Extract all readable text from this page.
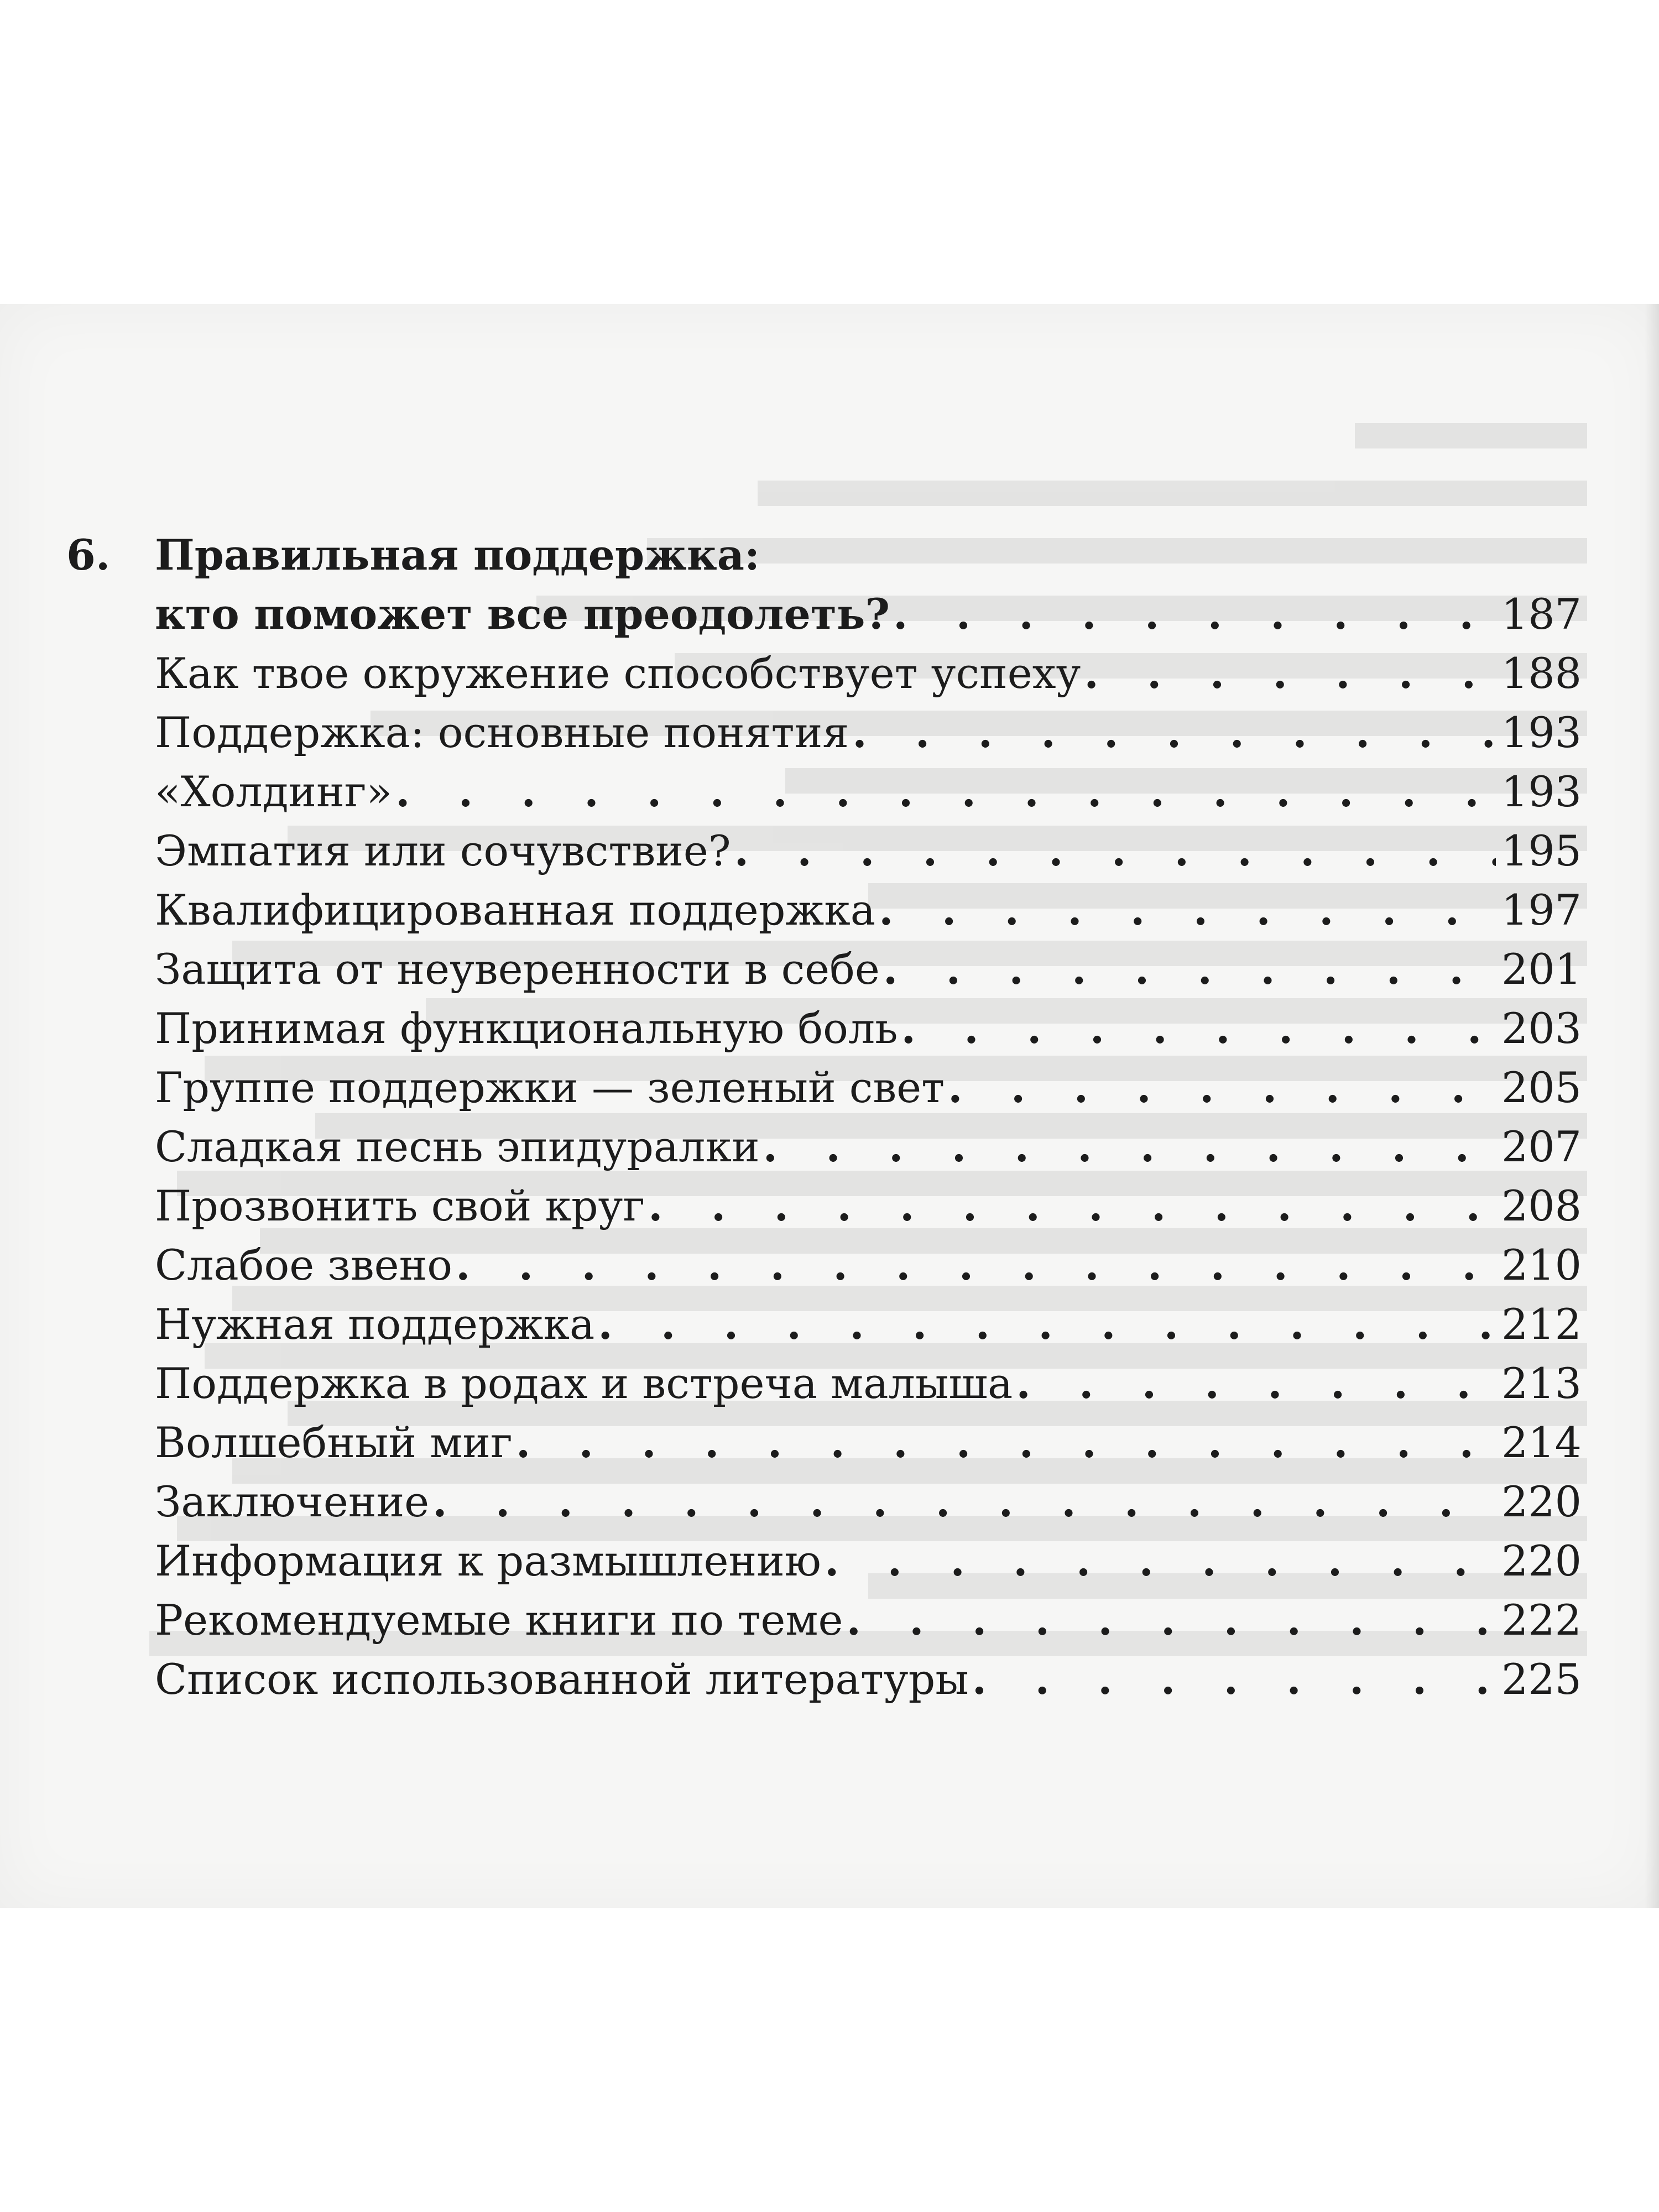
6. Правильная поддержка:
кто поможет все преодолеть? . . .	187
Как твое окружение способствует успеху . . .	188
Поддержка: основные понятия . . .	193
«Холдинг» . . .	193
Эмпатия или сочувствие? . . .	195
Квалифицированная поддержка . . .	197
Защита от неуверенности в себе . . .	201
Принимая функциональную боль . . .	203
Группе поддержки — зеленый свет . . .	205
Сладкая песнь эпидуралки . . .	207
Прозвонить свой круг . . .	208
Слабое звено . . .	210
Нужная поддержка . . .	212
Поддержка в родах и встреча малыша . . .	213
Волшебный миг . . .	214
Заключение . . .	220
Информация к размышлению . . .	220
Рекомендуемые книги по теме . . .	222
Список использованной литературы . . .	225
